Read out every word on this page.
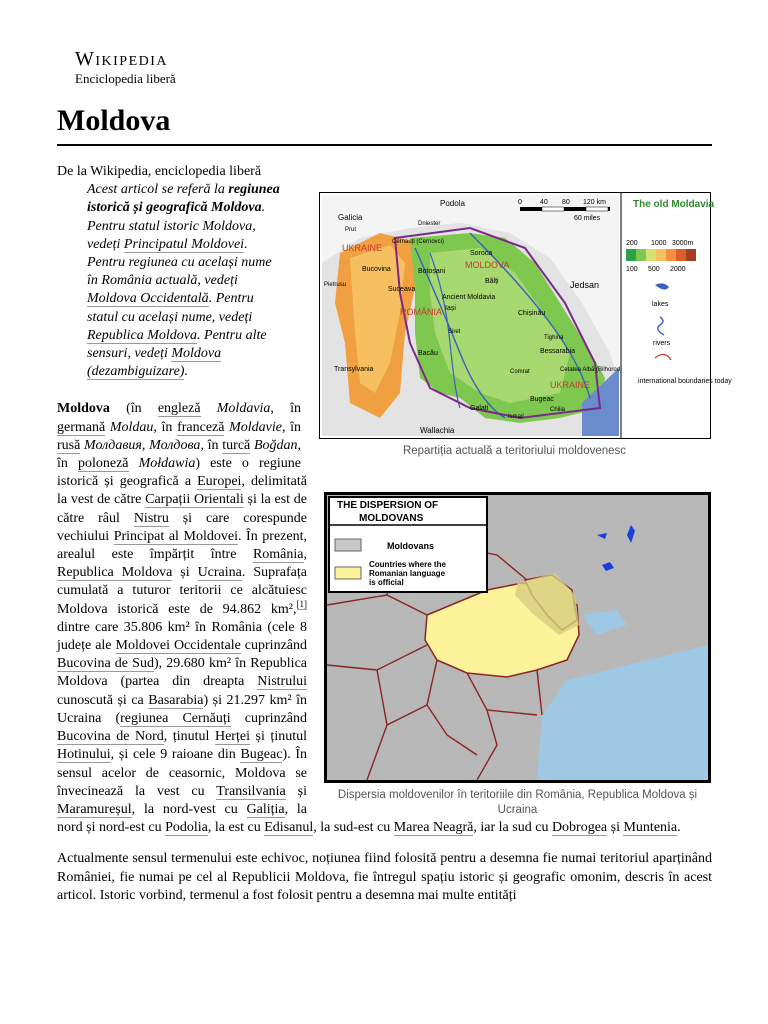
Wikipedia
Enciclopedia liberă
Moldova
Podola
Galicia
Prut
Dniester
UKRAINE
Cernauți (Cernovci)
Soroca
MOLDOVA
Bucovina	Botoșani
Bălți	Jedsan
Pietrusu
Suceava
Ancient Moldavia
ROMÂNIA Iași
Chișinău
Siret
Tighina
Bacău	Bessarabia
Transylvania	Comrat	Cetatea Albă (Bilhorod)
UKRAINE
Bugeac
Chilia
Galați
Ismail
Wallachia
0	40 80 120 km
60 miles
The old Moldavia
200 1000 3000m
100 500 2000
lakes
rivers
international boundaries today
Repartiția actuală a teritoriului moldovenesc
THE DISPERSION OF MOLDOVANS
Moldovans
Countries where the Romanian language is official
Dispersia moldovenilor în teritoriile din România, Republica Moldova și Ucraina

De la Wikipedia, enciclopedia liberă

Acest articol se referă la regiunea istorică și geografică Moldova. Pentru statul istoric Moldova, vedeți Principatul Moldovei. Pentru regiunea cu același nume în România actuală, vedeți Moldova Occidentală. Pentru statul cu același nume, vedeți Republica Moldova. Pentru alte sensuri, vedeți Moldova (dezambiguizare).

Moldova (în engleză Moldavia, în germană Moldau, în franceză Moldavie, în rusă Молдавия, Молдова, în turcă Boğdan, în poloneză Mołdawia) este o regiune istorică și geografică a Europei, delimitată la vest de către Carpații Orientali și la est de către râul Nistru și care corespunde vechiului Principat al Moldovei. În prezent, arealul este împărțit între România, Republica Moldova și Ucraina. Suprafața cumulată a tuturor teritorii ce alcătuiesc Moldova istorică este de 94.862 km²,[1] dintre care 35.806 km² în România (cele 8 județe ale Moldovei Occidentale cuprinzând Bucovina de Sud), 29.680 km² în Republica Moldova (partea din dreapta Nistrului cunoscută și ca Basarabia) și 21.297 km² în Ucraina (regiunea Cernăuți cuprinzând Bucovina de Nord, ținutul Herței și ținutul Hotinului, și cele 9 raioane din Bugeac). În sensul acelor de ceasornic, Moldova se învecinează la vest cu Transilvania și Maramureșul, la nord-vest cu Galiția, la nord și nord-est cu Podolia, la est cu Edisanul, la sud-est cu Marea Neagră, iar la sud cu Dobrogea și Muntenia.

Actualmente sensul termenului este echivoc, noțiunea fiind folosită pentru a desemna fie numai teritoriul aparținând României, fie numai pe cel al Republicii Moldova, fie întregul spațiu istoric și geografic omonim, descris în acest articol. Istoric vorbind, termenul a fost folosit pentru a desemna mai multe entități
